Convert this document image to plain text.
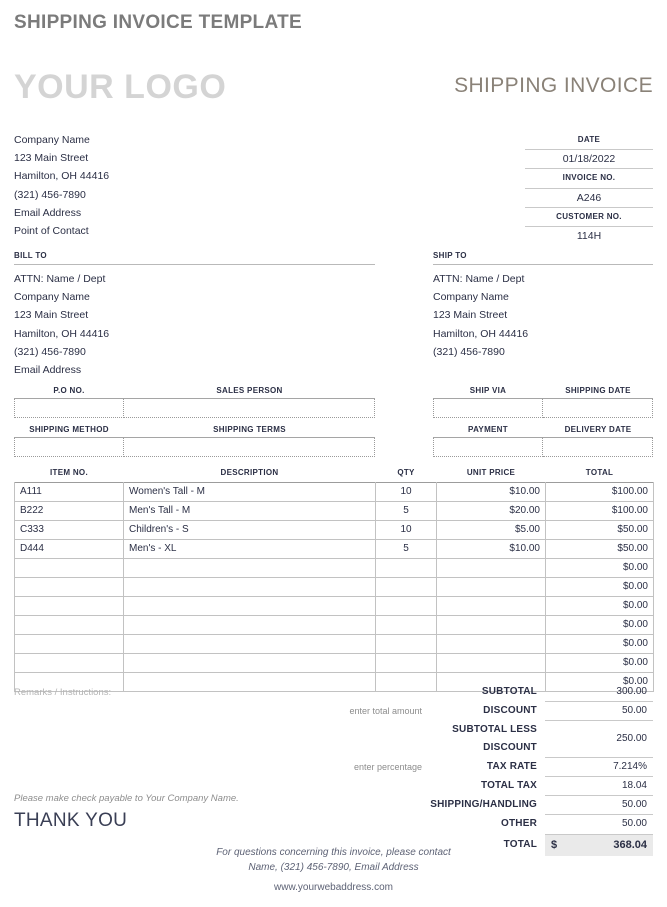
SHIPPING INVOICE TEMPLATE
YOUR LOGO	SHIPPING INVOICE
Company Name
123 Main Street
Hamilton, OH 44416
(321) 456-7890
Email Address
Point of Contact
DATE
01/18/2022
INVOICE NO.
A246
CUSTOMER NO.
114H
BILL TO
ATTN: Name / Dept
Company Name
123 Main Street
Hamilton, OH 44416
(321) 456-7890
Email Address
SHIP TO
ATTN: Name / Dept
Company Name
123 Main Street
Hamilton, OH 44416
(321) 456-7890
P.O NO.	SALES PERSON
SHIPPING METHOD	SHIPPING TERMS
SHIP VIA	SHIPPING DATE
PAYMENT	DELIVERY DATE
ITEM NO.	DESCRIPTION	QTY	UNIT PRICE	TOTAL
A111	Women's Tall - M	10	$10.00	$100.00
B222	Men's Tall - M	5	$20.00	$100.00
C333	Children's - S	10	$5.00	$50.00
D444	Men's - XL	5	$10.00	$50.00
				$0.00
				$0.00
				$0.00
				$0.00
				$0.00
				$0.00
				$0.00
Remarks / Instructions:
		SUBTOTAL	300.00
enter total amount	DISCOUNT	50.00
	SUBTOTAL LESS DISCOUNT	250.00
enter percentage	TAX RATE	7.214%
	TOTAL TAX	18.04
	SHIPPING/HANDLING	50.00
	OTHER	50.00
	TOTAL	$ 368.04
Please make check payable to Your Company Name.
THANK YOU
For questions concerning this invoice, please contact
Name, (321) 456-7890, Email Address
www.yourwebaddress.com
